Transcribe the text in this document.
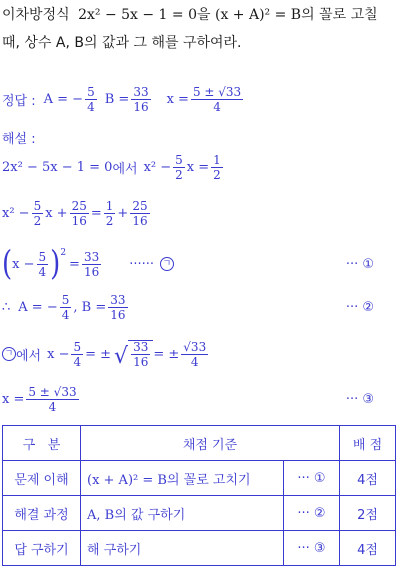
이차방정식 2x² − 5x − 1 = 0을 (x + A)² = B의 꼴로 고칠
때, 상수 A, B의 값과 그 해를 구하여라.
정답 : A = − $\frac{5}{4}$ $B = \frac{33}{16}$ $x = \frac{5 \pm √33}{4}$
해설 :
2x² − 5x − 1 = 0 에서 $x^2 - \frac{5}{2}$ $x = \frac{1}{2}$
$x^2 - \frac{5}{2}$ $x + \frac{25}{16} = \frac{1}{2} + \frac{25}{16}$
( $x - \frac{5}{4} )^2$
= $\frac{33}{16}$ ······ ㄱ	··· ①
∴ A = − $\frac{5}{4}$ , $B = \frac{33}{16}$	··· ②
ㄱ 에서 $x - \frac{5}{4}$ = ± √ $\frac{33}{16}$ = ± $\frac{√33}{4}$
$x = \frac{5 \pm √33}{4}$	··· ③
구   분	채점 기준		배 점
문제 이해	(x + A)² = B의 꼴로 고치기	··· ①	4점
해결 과정	A, B의 값 구하기	··· ②	2점
답 구하기	해 구하기	··· ③	4점
